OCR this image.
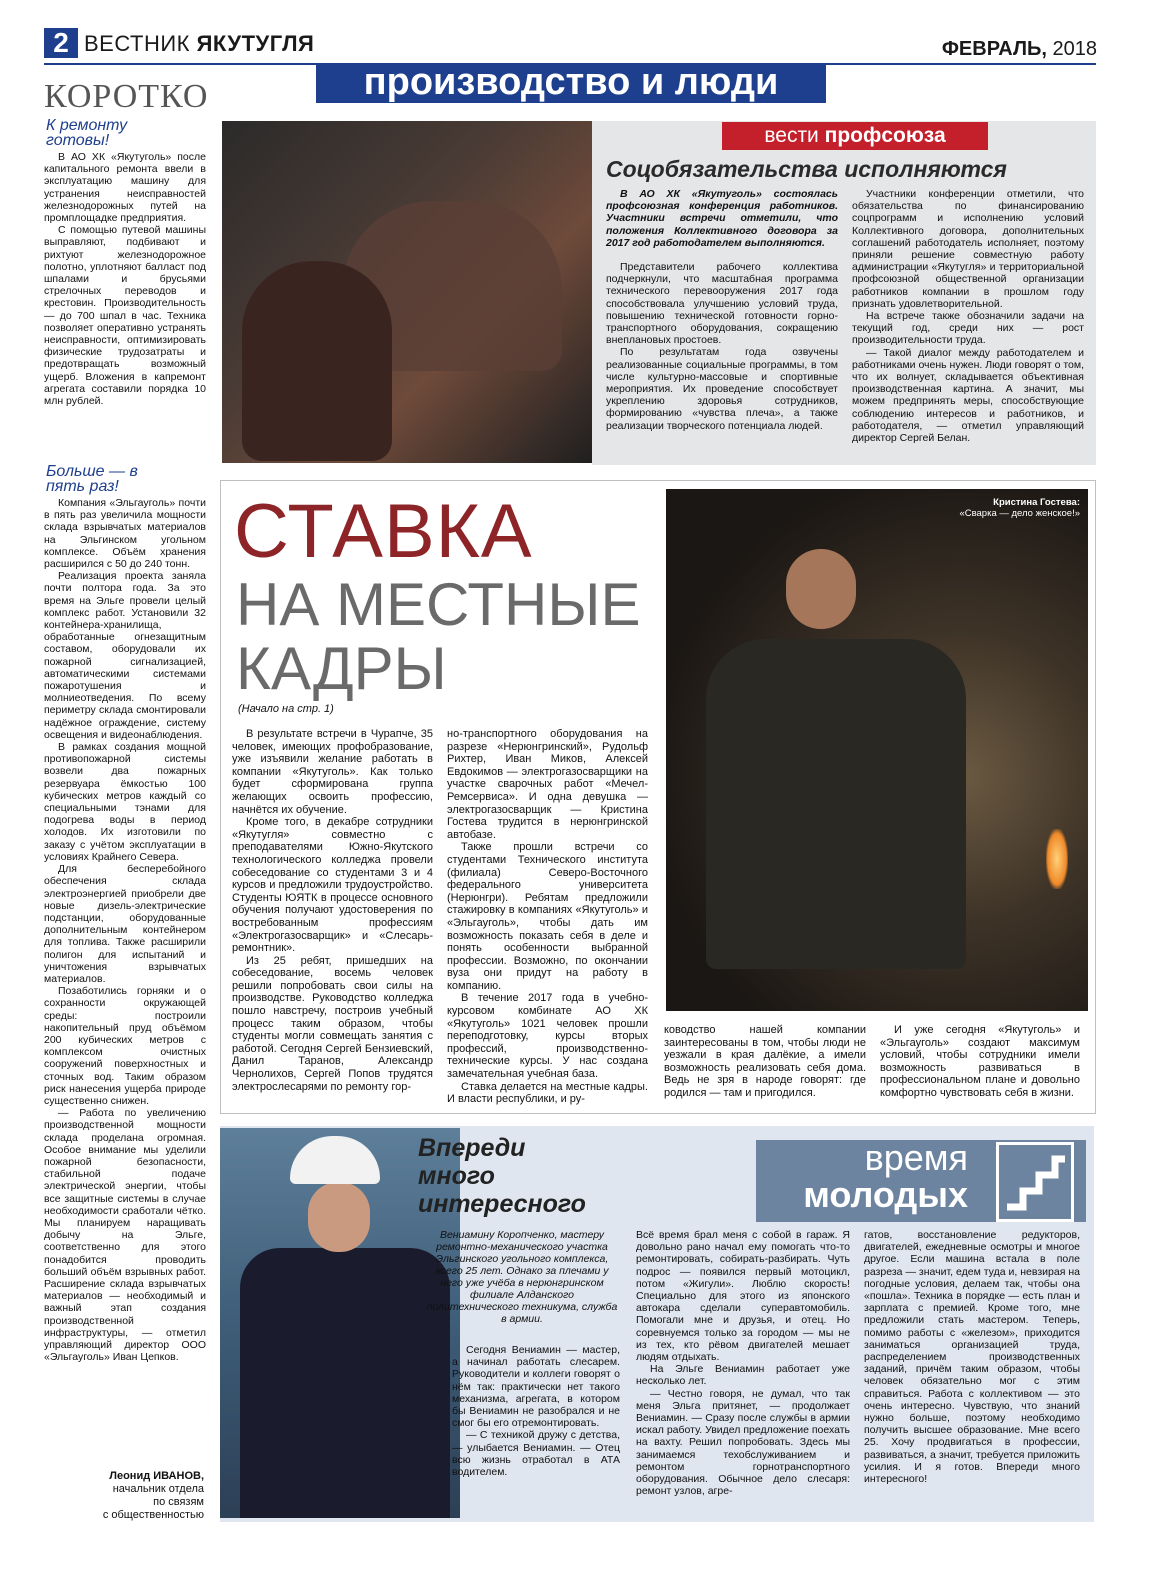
2 ВЕСТНИК ЯКУТУГЛЯ	ФЕВРАЛЬ, 2018
производство и люди
КОРОТКО
К ремонту готовы!

В АО ХК «Якутуголь» после капитального ремонта ввели в эксплуатацию машину для устранения неисправностей железнодорожных путей на промплощадке предприятия.

С помощью путевой машины выправляют, подбивают и рихтуют железнодорожное полотно, уплотняют балласт под шпалами и брусьями стрелочных переводов и крестовин. Производительность — до 700 шпал в час. Техника позволяет оперативно устранять неисправности, оптимизировать физические трудозатраты и предотвращать возможный ущерб. Вложения в капремонт агрегата составили порядка 10 млн рублей.

Больше — в пять раз!

Компания «Эльгауголь» почти в пять раз увеличила мощности склада взрывчатых материалов на Эльгинском угольном комплексе. Объём хранения расширился с 50 до 240 тонн.

Реализация проекта заняла почти полтора года. За это время на Эльге провели целый комплекс работ. Установили 32 контейнера-хранилища, обработанные огнезащитным составом, оборудовали их пожарной сигнализацией, автоматическими системами пожаротушения и молниеотведения. По всему периметру склада смонтировали надёжное ограждение, систему освещения и видеонаблюдения.

В рамках создания мощной противопожарной системы возвели два пожарных резервуара ёмкостью 100 кубических метров каждый со специальными тэнами для подогрева воды в период холодов. Их изготовили по заказу с учётом эксплуатации в условиях Крайнего Севера.

Для бесперебойного обеспечения склада электроэнергией приобрели две новые дизель-электрические подстанции, оборудованные дополнительным контейнером для топлива. Также расширили полигон для испытаний и уничтожения взрывчатых материалов.

Позаботились горняки и о сохранности окружающей среды: построили накопительный пруд объёмом 200 кубических метров с комплексом очистных сооружений поверхностных и сточных вод. Таким образом риск нанесения ущерба природе существенно снижен.

— Работа по увеличению производственной мощности склада проделана огромная. Особое внимание мы уделили пожарной безопасности, стабильной подаче электрической энергии, чтобы все защитные системы в случае необходимости сработали чётко. Мы планируем наращивать добычу на Эльге, соответственно для этого понадобится проводить больший объём взрывных работ. Расширение склада взрывчатых материалов — необходимый и важный этап создания производственной инфраструктуры, — отметил управляющий директор ООО «Эльгауголь» Иван Цепков.

Леонид ИВАНОВ,
начальник отдела
по связям
с общественностью
вести профсоюза
Соцобязательства исполняются

В АО ХК «Якутуголь» состоялась профсоюзная конференция работников. Участники встречи отметили, что положения Коллективного договора за 2017 год работодателем выполняются.

Представители рабочего коллектива подчеркнули, что масштабная программа технического перевооружения 2017 года способствовала улучшению условий труда, повышению технической готовности горно-транспортного оборудования, сокращению внеплановых простоев.

По результатам года озвучены реализованные социальные программы, в том числе культурно-массовые и спортивные мероприятия. Их проведение способствует укреплению здоровья сотрудников, формированию «чувства плеча», а также реализации творческого потенциала людей.

Участники конференции отметили, что обязательства по финансированию соцпрограмм и исполнению условий Коллективного договора, дополнительных соглашений работодатель исполняет, поэтому приняли решение совместную работу администрации «Якутугля» и территориальной профсоюзной общественной организации работников компании в прошлом году признать удовлетворительной.

На встрече также обозначили задачи на текущий год, среди них — рост производительности труда.

— Такой диалог между работодателем и работниками очень нужен. Люди говорят о том, что их волнует, складывается объективная производственная картина. А значит, мы можем предпринять меры, способствующие соблюдению интересов и работников, и работодателя, — отметил управляющий директор Сергей Белан.

СТАВКА
НА МЕСТНЫЕ
КАДРЫ
(Начало на стр. 1)
Кристина Гостева:
«Сварка — дело женское!»

В результате встречи в Чурапче, 35 человек, имеющих профобразование, уже изъявили желание работать в компании «Якутуголь». Как только будет сформирована группа желающих освоить профессию, начнётся их обучение.

Кроме того, в декабре сотрудники «Якутугля» совместно с преподавателями Южно-Якутского технологического колледжа провели собеседование со студентами 3 и 4 курсов и предложили трудоустройство. Студенты ЮЯТК в процессе основного обучения получают удостоверения по востребованным профессиям «Электрогазосварщик» и «Слесарь-ремонтник».

Из 25 ребят, пришедших на собеседование, восемь человек решили попробовать свои силы на производстве. Руководство колледжа пошло навстречу, построив учебный процесс таким образом, чтобы студенты могли совмещать занятия с работой. Сегодня Сергей Бензиевский, Данил Таранов, Александр Чернолихов, Сергей Попов трудятся электрослесарями по ремонту гор-

но-транспортного оборудования на разрезе «Нерюнгринский», Рудольф Рихтер, Иван Миков, Алексей Евдокимов — электрогазосварщики на участке сварочных работ «Мечел-Ремсервиса». И одна девушка — электрогазосварщик — Кристина Гостева трудится в нерюнгринской автобазе.

Также прошли встречи со студентами Технического института (филиала) Северо-Восточного федерального университета (Нерюнгри). Ребятам предложили стажировку в компаниях «Якутуголь» и «Эльгауголь», чтобы дать им возможность показать себя в деле и понять особенности выбранной профессии. Возможно, по окончании вуза они придут на работу в компанию.

В течение 2017 года в учебно-курсовом комбинате АО ХК «Якутуголь» 1021 человек прошли переподготовку, курсы вторых профессий, производственно-технические курсы. У нас создана замечательная учебная база.

Ставка делается на местные кадры. И власти республики, и ру-

ководство нашей компании заинтересованы в том, чтобы люди не уезжали в края далёкие, а имели возможность реализовать себя дома. Ведь не зря в народе говорят: где родился — там и пригодился.

И уже сегодня «Якутуголь» и «Эльгауголь» создают максимум условий, чтобы сотрудники имели возможность развиваться в профессиональном плане и довольно комфортно чувствовать себя в жизни.

Впереди
много
интересного
время
молодых
Вениамину Коропченко, мастеру ремонтно-механического участка Эльгинского угольного комплекса, всего 25 лет. Однако за плечами у него уже учёба в нерюнгринском филиале Алданского политехнического техникума, служба в армии.

Сегодня Вениамин — мастер, а начинал работать слесарем. Руководители и коллеги говорят о нём так: практически нет такого механизма, агрегата, в котором бы Вениамин не разобрался и не смог бы его отремонтировать.

— С техникой дружу с детства, — улыбается Вениамин. — Отец всю жизнь отработал в АТА водителем.

Всё время брал меня с собой в гараж. Я довольно рано начал ему помогать что-то ремонтировать, собирать-разбирать. Чуть подрос — появился первый мотоцикл, потом «Жигули». Люблю скорость! Специально для этого из японского автокара сделали суперавтомобиль. Помогали мне и друзья, и отец. Но соревнуемся только за городом — мы не из тех, кто рёвом двигателей мешает людям отдыхать.

На Эльге Вениамин работает уже несколько лет.

— Честно говоря, не думал, что так меня Эльга притянет, — продолжает Вениамин. — Сразу после службы в армии искал работу. Увидел предложение поехать на вахту. Решил попробовать. Здесь мы занимаемся техобслуживанием и ремонтом горнотранспортного оборудования. Обычное дело слесаря: ремонт узлов, агре-

гатов, восстановление редукторов, двигателей, ежедневные осмотры и многое другое. Если машина встала в поле разреза — значит, едем туда и, невзирая на погодные условия, делаем так, чтобы она «пошла». Техника в порядке — есть план и зарплата с премией. Кроме того, мне предложили стать мастером. Теперь, помимо работы с «железом», приходится заниматься организацией труда, распределением производственных заданий, причём таким образом, чтобы человек обязательно мог с этим справиться. Работа с коллективом — это очень интересно. Чувствую, что знаний нужно больше, поэтому необходимо получить высшее образование. Мне всего 25. Хочу продвигаться в профессии, развиваться, а значит, требуется приложить усилия. И я готов. Впереди много интересного!
